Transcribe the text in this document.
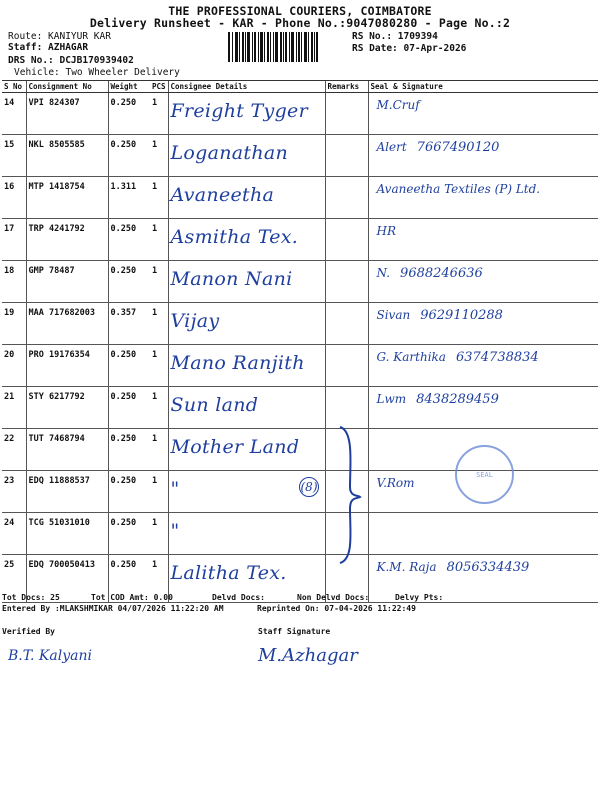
THE PROFESSIONAL COURIERS, COIMBATORE
Delivery Runsheet - KAR - Phone No.:9047080280 - Page No.:2
Route: KANIYUR KAR
Staff: AZHAGAR
DRS No.: DCJB170939402
Vehicle: Two Wheeler Delivery
RS No.: 1709394
RS Date: 07-Apr-2026
S No	Consignment No	Weight	PCS	Consignee Details	Remarks	Seal & Signature
14	VPI 824307	0.250	1	Freight Tyger		M.Cruf
15	NKL 8505585	0.250	1	Loganathan		Alert 7667490120
16	MTP 1418754	1.311	1	Avaneetha		Avaneetha Textiles (P) Ltd.
17	TRP 4241792	0.250	1	Asmitha Tex.		HR
18	GMP 78487	0.250	1	Manon Nani		N. 9688246636
19	MAA 717682003	0.357	1	Vijay		Sivan 9629110288
20	PRO 19176354	0.250	1	Mano Ranjith		G. Karthika 6374738834
21	STY 6217792	0.250	1	Sun land		Lwm 8438289459
22	TUT 7468794	0.250	1	Mother Land		

23	EDQ 11888537	0.250	1	"		V.Rom
24	TCG 51031010	0.250	1	"		

25	EDQ 700050413	0.250	1	Lalitha Tex.		K.M. Raja 8056334439
(8)
SEAL
Tot Docs: 25	Tot COD Amt: 0.00	Delvd Docs:	Non Delvd Docs:	Delvy Pts:
Entered By :MLAKSHMIKAR 04/07/2026 11:22:20 AM	Reprinted On: 07-04-2026 11:22:49
Verified By	Staff Signature
B.T. Kalyani	M.Azhagar
